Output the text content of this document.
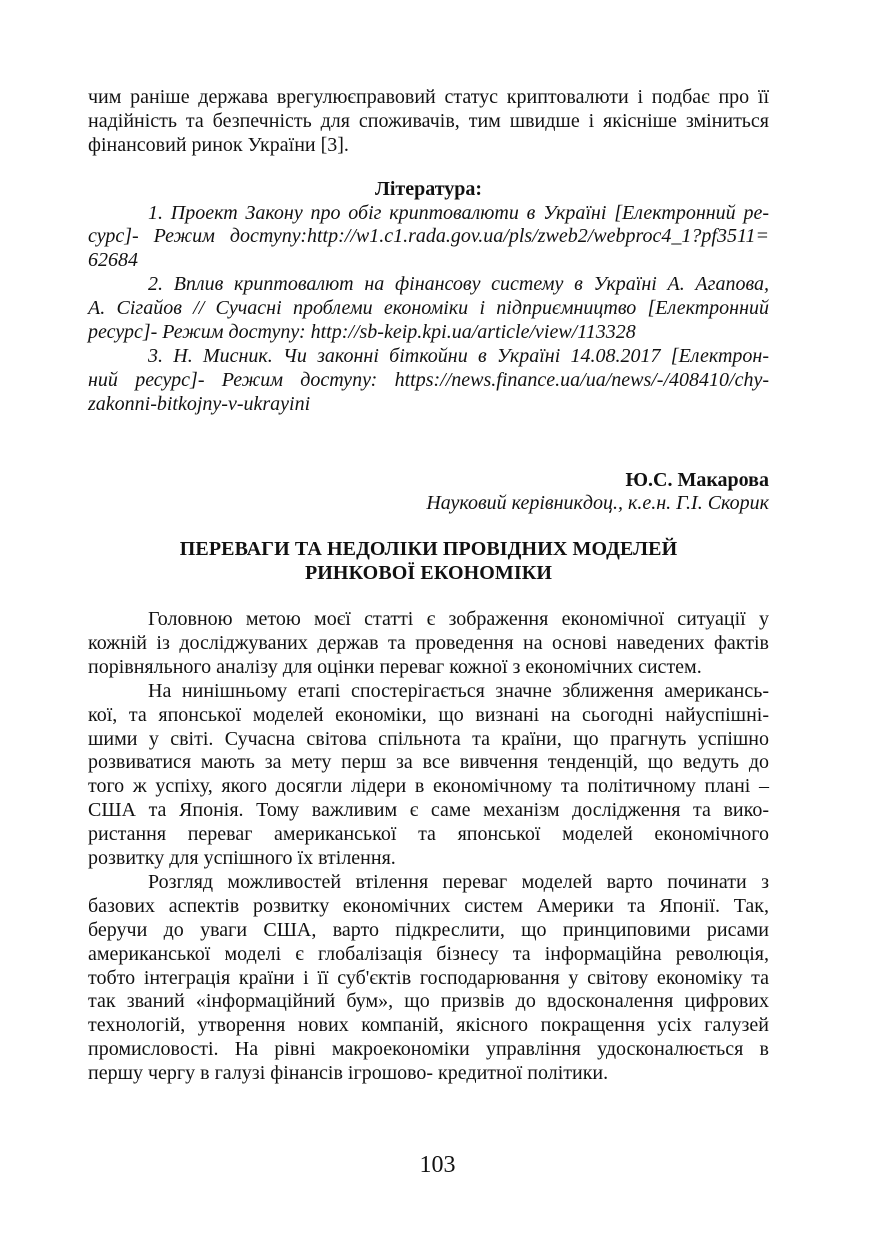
чим раніше держава врегулюєправовий статус криптовалюти і подбає про її
надійність та безпечність для споживачів, тим швидше і якісніше зміниться
фінансовий ринок України [3].
Література:
1. Проект Закону про обіг криптовалюти в Україні [Електронний ре-
сурс]- Режим доступу:http://w1.c1.rada.gov.ua/pls/zweb2/webproc4_1?pf3511=
62684
2. Вплив криптовалют на фінансову систему в Україні А. Агапова,
А. Сігайов // Сучасні проблеми економіки і підприємництво [Електронний
ресурс]- Режим доступу: http://sb-keip.kpi.ua/article/view/113328
3. Н. Мисник. Чи законні біткойни в Україні 14.08.2017 [Електрон-
ний ресурс]- Режим доступу: https://news.finance.ua/ua/news/-/408410/chy-
zakonni-bitkojny-v-ukrayini
Ю.С. Макарова
Науковий керівникдоц., к.е.н. Г.І. Скорик
ПЕРЕВАГИ ТА НЕДОЛІКИ ПРОВІДНИХ МОДЕЛЕЙ
РИНКОВОЇ ЕКОНОМІКИ
Головною метою моєї статті є зображення економічної ситуації у
кожній із досліджуваних держав та проведення на основі наведених фактів
порівняльного аналізу для оцінки переваг кожної з економічних систем.
На нинішньому етапі спостерігається значне зближення американсь-
кої, та японської моделей економіки, що визнані на сьогодні найуспішні-
шими у світі. Сучасна світова спільнота та країни, що прагнуть успішно
розвиватися мають за мету перш за все вивчення тенденцій, що ведуть до
того ж успіху, якого досягли лідери в економічному та політичному плані –
США та Японія. Тому важливим є саме механізм дослідження та вико-
ристання переваг американської та японської моделей економічного
розвитку для успішного їх втілення.
Розгляд можливостей втілення переваг моделей варто починати з
базових аспектів розвитку економічних систем Америки та Японії. Так,
беручи до уваги США, варто підкреслити, що принциповими рисами
американської моделі є глобалізація бізнесу та інформаційна революція,
тобто інтеграція країни і її суб'єктів господарювання у світову економіку та
так званий «інформаційний бум», що призвів до вдосконалення цифрових
технологій, утворення нових компаній, якісного покращення усіх галузей
промисловості. На рівні макроекономіки управління удосконалюється в
першу чергу в галузі фінансів ігрошово- кредитної політики.
103
